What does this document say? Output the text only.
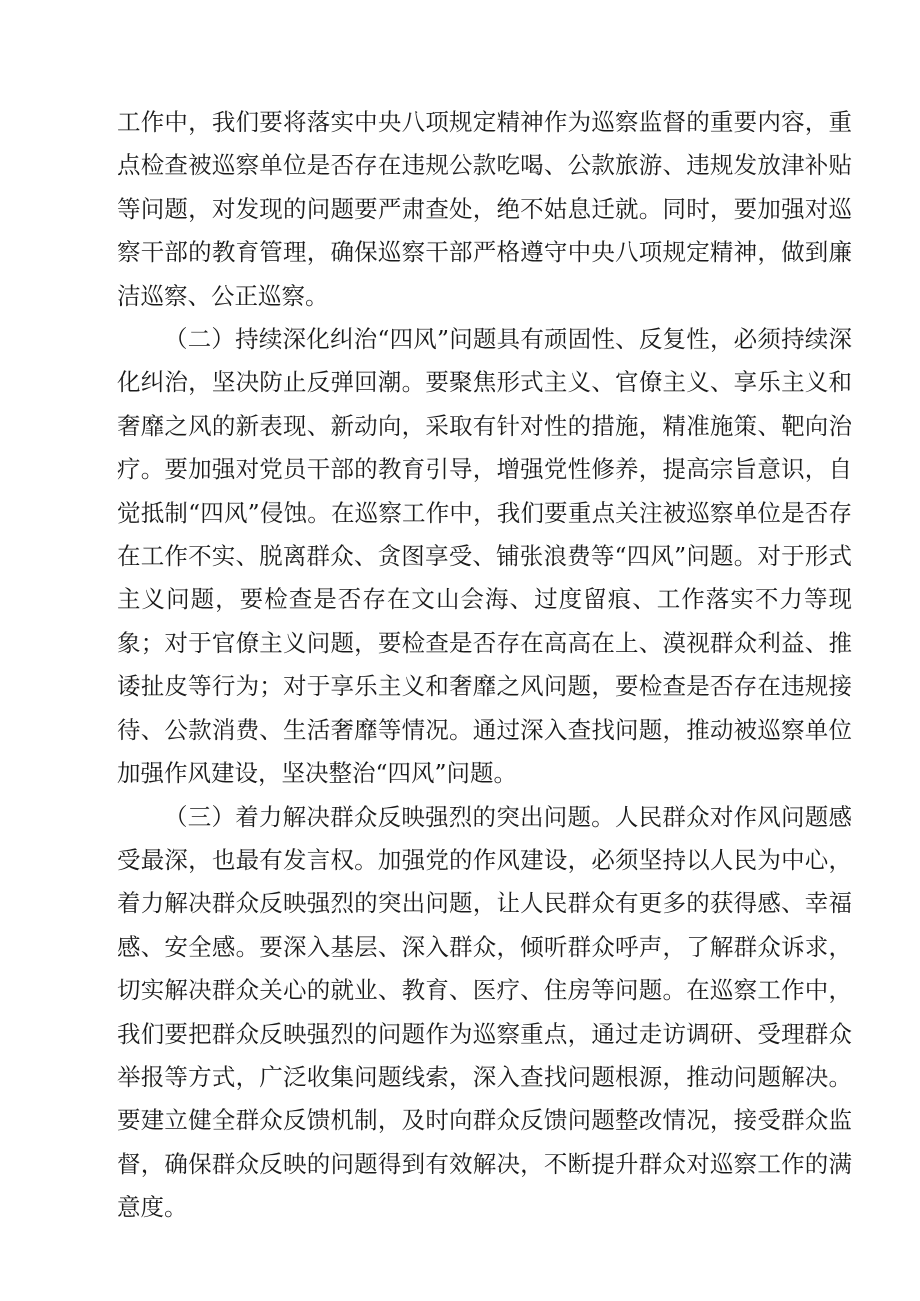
工作中，我们要将落实中央八项规定精神作为巡察监督的重要内容，重点检查被巡察单位是否存在违规公款吃喝、公款旅游、违规发放津补贴等问题，对发现的问题要严肃查处，绝不姑息迁就。同时，要加强对巡察干部的教育管理，确保巡察干部严格遵守中央八项规定精神，做到廉洁巡察、公正巡察。

（二）持续深化纠治“四风”问题具有顽固性、反复性，必须持续深化纠治，坚决防止反弹回潮。要聚焦形式主义、官僚主义、享乐主义和奢靡之风的新表现、新动向，采取有针对性的措施，精准施策、靶向治疗。要加强对党员干部的教育引导，增强党性修养，提高宗旨意识，自觉抵制“四风”侵蚀。在巡察工作中，我们要重点关注被巡察单位是否存在工作不实、脱离群众、贪图享受、铺张浪费等“四风”问题。对于形式主义问题，要检查是否存在文山会海、过度留痕、工作落实不力等现象；对于官僚主义问题，要检查是否存在高高在上、漠视群众利益、推诿扯皮等行为；对于享乐主义和奢靡之风问题，要检查是否存在违规接待、公款消费、生活奢靡等情况。通过深入查找问题，推动被巡察单位加强作风建设，坚决整治“四风”问题。

（三）着力解决群众反映强烈的突出问题。人民群众对作风问题感受最深，也最有发言权。加强党的作风建设，必须坚持以人民为中心，着力解决群众反映强烈的突出问题，让人民群众有更多的获得感、幸福感、安全感。要深入基层、深入群众，倾听群众呼声，了解群众诉求，切实解决群众关心的就业、教育、医疗、住房等问题。在巡察工作中，我们要把群众反映强烈的问题作为巡察重点，通过走访调研、受理群众举报等方式，广泛收集问题线索，深入查找问题根源，推动问题解决。要建立健全群众反馈机制，及时向群众反馈问题整改情况，接受群众监督，确保群众反映的问题得到有效解决，不断提升群众对巡察工作的满意度。
